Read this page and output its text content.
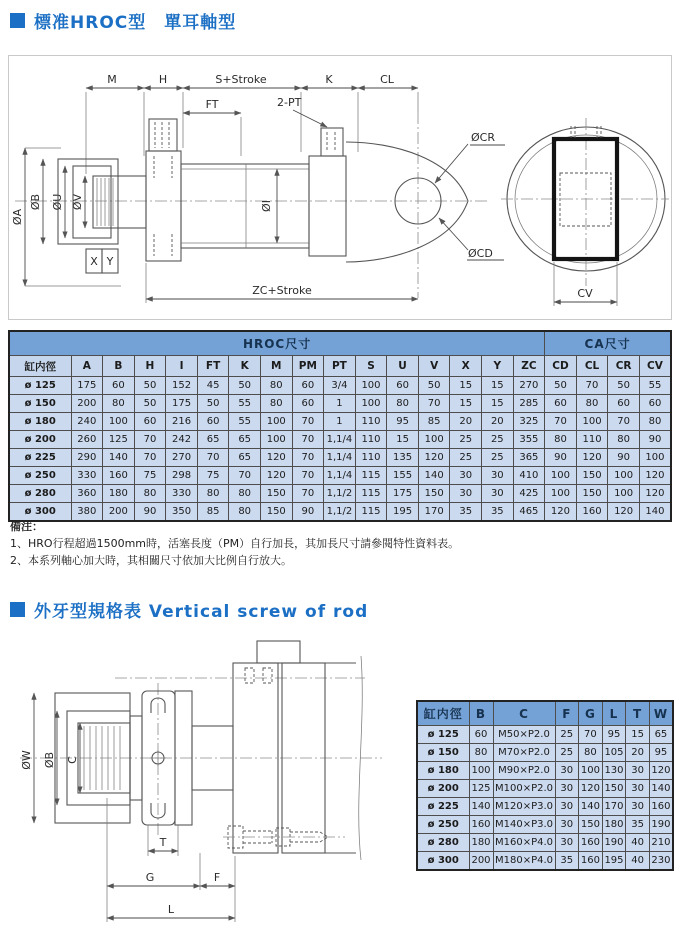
標准HROC型　單耳軸型
M	H	S+Stroke	K	CL
FT	2-PT
ØA
ØB ØU ØV
X Y
ØI
ØCR
ØCD
ZC+Stroke	CV
HROC尺寸																CA尺寸			
缸内徑	A	B	H	I	FT	K	M	PM	PT	S	U	V	X	Y	ZC	CD	CL	CR	CV
ø 125	175	60	50	152	45	50	80	60	3/4	100	60	50	15	15	270	50	70	50	55
ø 150	200	80	50	175	50	55	80	60	1	100	80	70	15	15	285	60	80	60	60
ø 180	240	100	60	216	60	55	100	70	1	110	95	85	20	20	325	70	100	70	80
ø 200	260	125	70	242	65	65	100	70	1,1/4	110	15	100	25	25	355	80	110	80	90
ø 225	290	140	70	270	70	65	120	70	1,1/4	110	135	120	25	25	365	90	120	90	100
ø 250	330	160	75	298	75	70	120	70	1,1/4	115	155	140	30	30	410	100	150	100	120
ø 280	360	180	80	330	80	80	150	70	1,1/2	115	175	150	30	30	425	100	150	100	120
ø 300	380	200	90	350	85	80	150	90	1,1/2	115	195	170	35	35	465	120	160	120	140
備注：
1、HRO行程超過1500mm時，活塞長度（PM）自行加長，其加長尺寸請參閱特性資料表。
2、本系列軸心加大時，其相關尺寸依加大比例自行放大。
外牙型規格表 Vertical screw of rod
ØW ØB C
T
G	F
L
缸内徑	B	C	F	G	L	T	W
ø 125	60	M50×P2.0	25	70	95	15	65
ø 150	80	M70×P2.0	25	80	105	20	95
ø 180	100	M90×P2.0	30	100	130	30	120
ø 200	125	M100×P2.0	30	120	150	30	140
ø 225	140	M120×P3.0	30	140	170	30	160
ø 250	160	M140×P3.0	30	150	180	35	190
ø 280	180	M160×P4.0	30	160	190	40	210
ø 300	200	M180×P4.0	35	160	195	40	230
